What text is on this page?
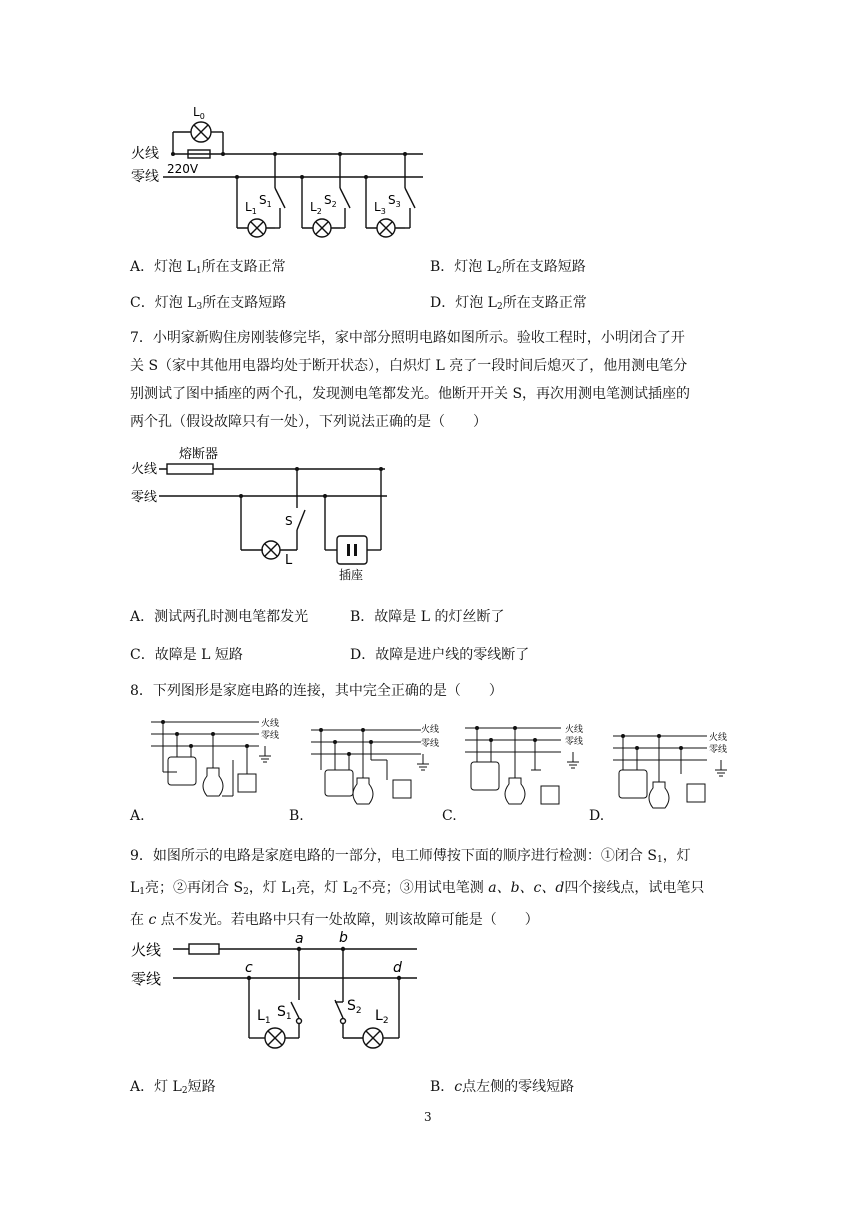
火线
零线 220V
$L_0$
$L_1$
$S_1$	$L_2$
$S_2$	$L_3$
$S_3$
A．灯泡 $L_1$所在支路正常	B．灯泡 $L_2$所在支路短路
C．灯泡 $L_3$所在支路短路	D．灯泡 $L_2$所在支路正常
7．小明家新购住房刚装修完毕，家中部分照明电路如图所示。验收工程时，小明闭合了开
关 S（家中其他用电器均处于断开状态），白炽灯 L 亮了一段时间后熄灭了，他用测电笔分
别测试了图中插座的两个孔，发现测电笔都发光。他断开开关 S，再次用测电笔测试插座的
两个孔（假设故障只有一处），下列说法正确的是（　　）
火线
零线
熔断器
S
L
插座
A．测试两孔时测电笔都发光	B．故障是 L 的灯丝断了
C．故障是 L 短路	D．故障是进户线的零线断了
8．下列图形是家庭电路的连接，其中完全正确的是（　　）
火线
零线
火线
零线
火线
零线	火线
零线
A.	B.	C.	D.
9．如图所示的电路是家庭电路的一部分，电工师傅按下面的顺序进行检测：①闭合 $S_1$，灯
$L_1$亮；②再闭合 $S_2$，灯 $L_1$亮，灯 $L_2$不亮；③用试电笔测 a、b、c、d四个接线点，试电笔只
在 c 点不发光。若电路中只有一处故障，则该故障可能是（　　）
火线
零线
a	b
c	d
$L_1$
$S_1$
$S_2$ $L_2$
A．灯 $L_2$短路	B．c点左侧的零线短路
3
